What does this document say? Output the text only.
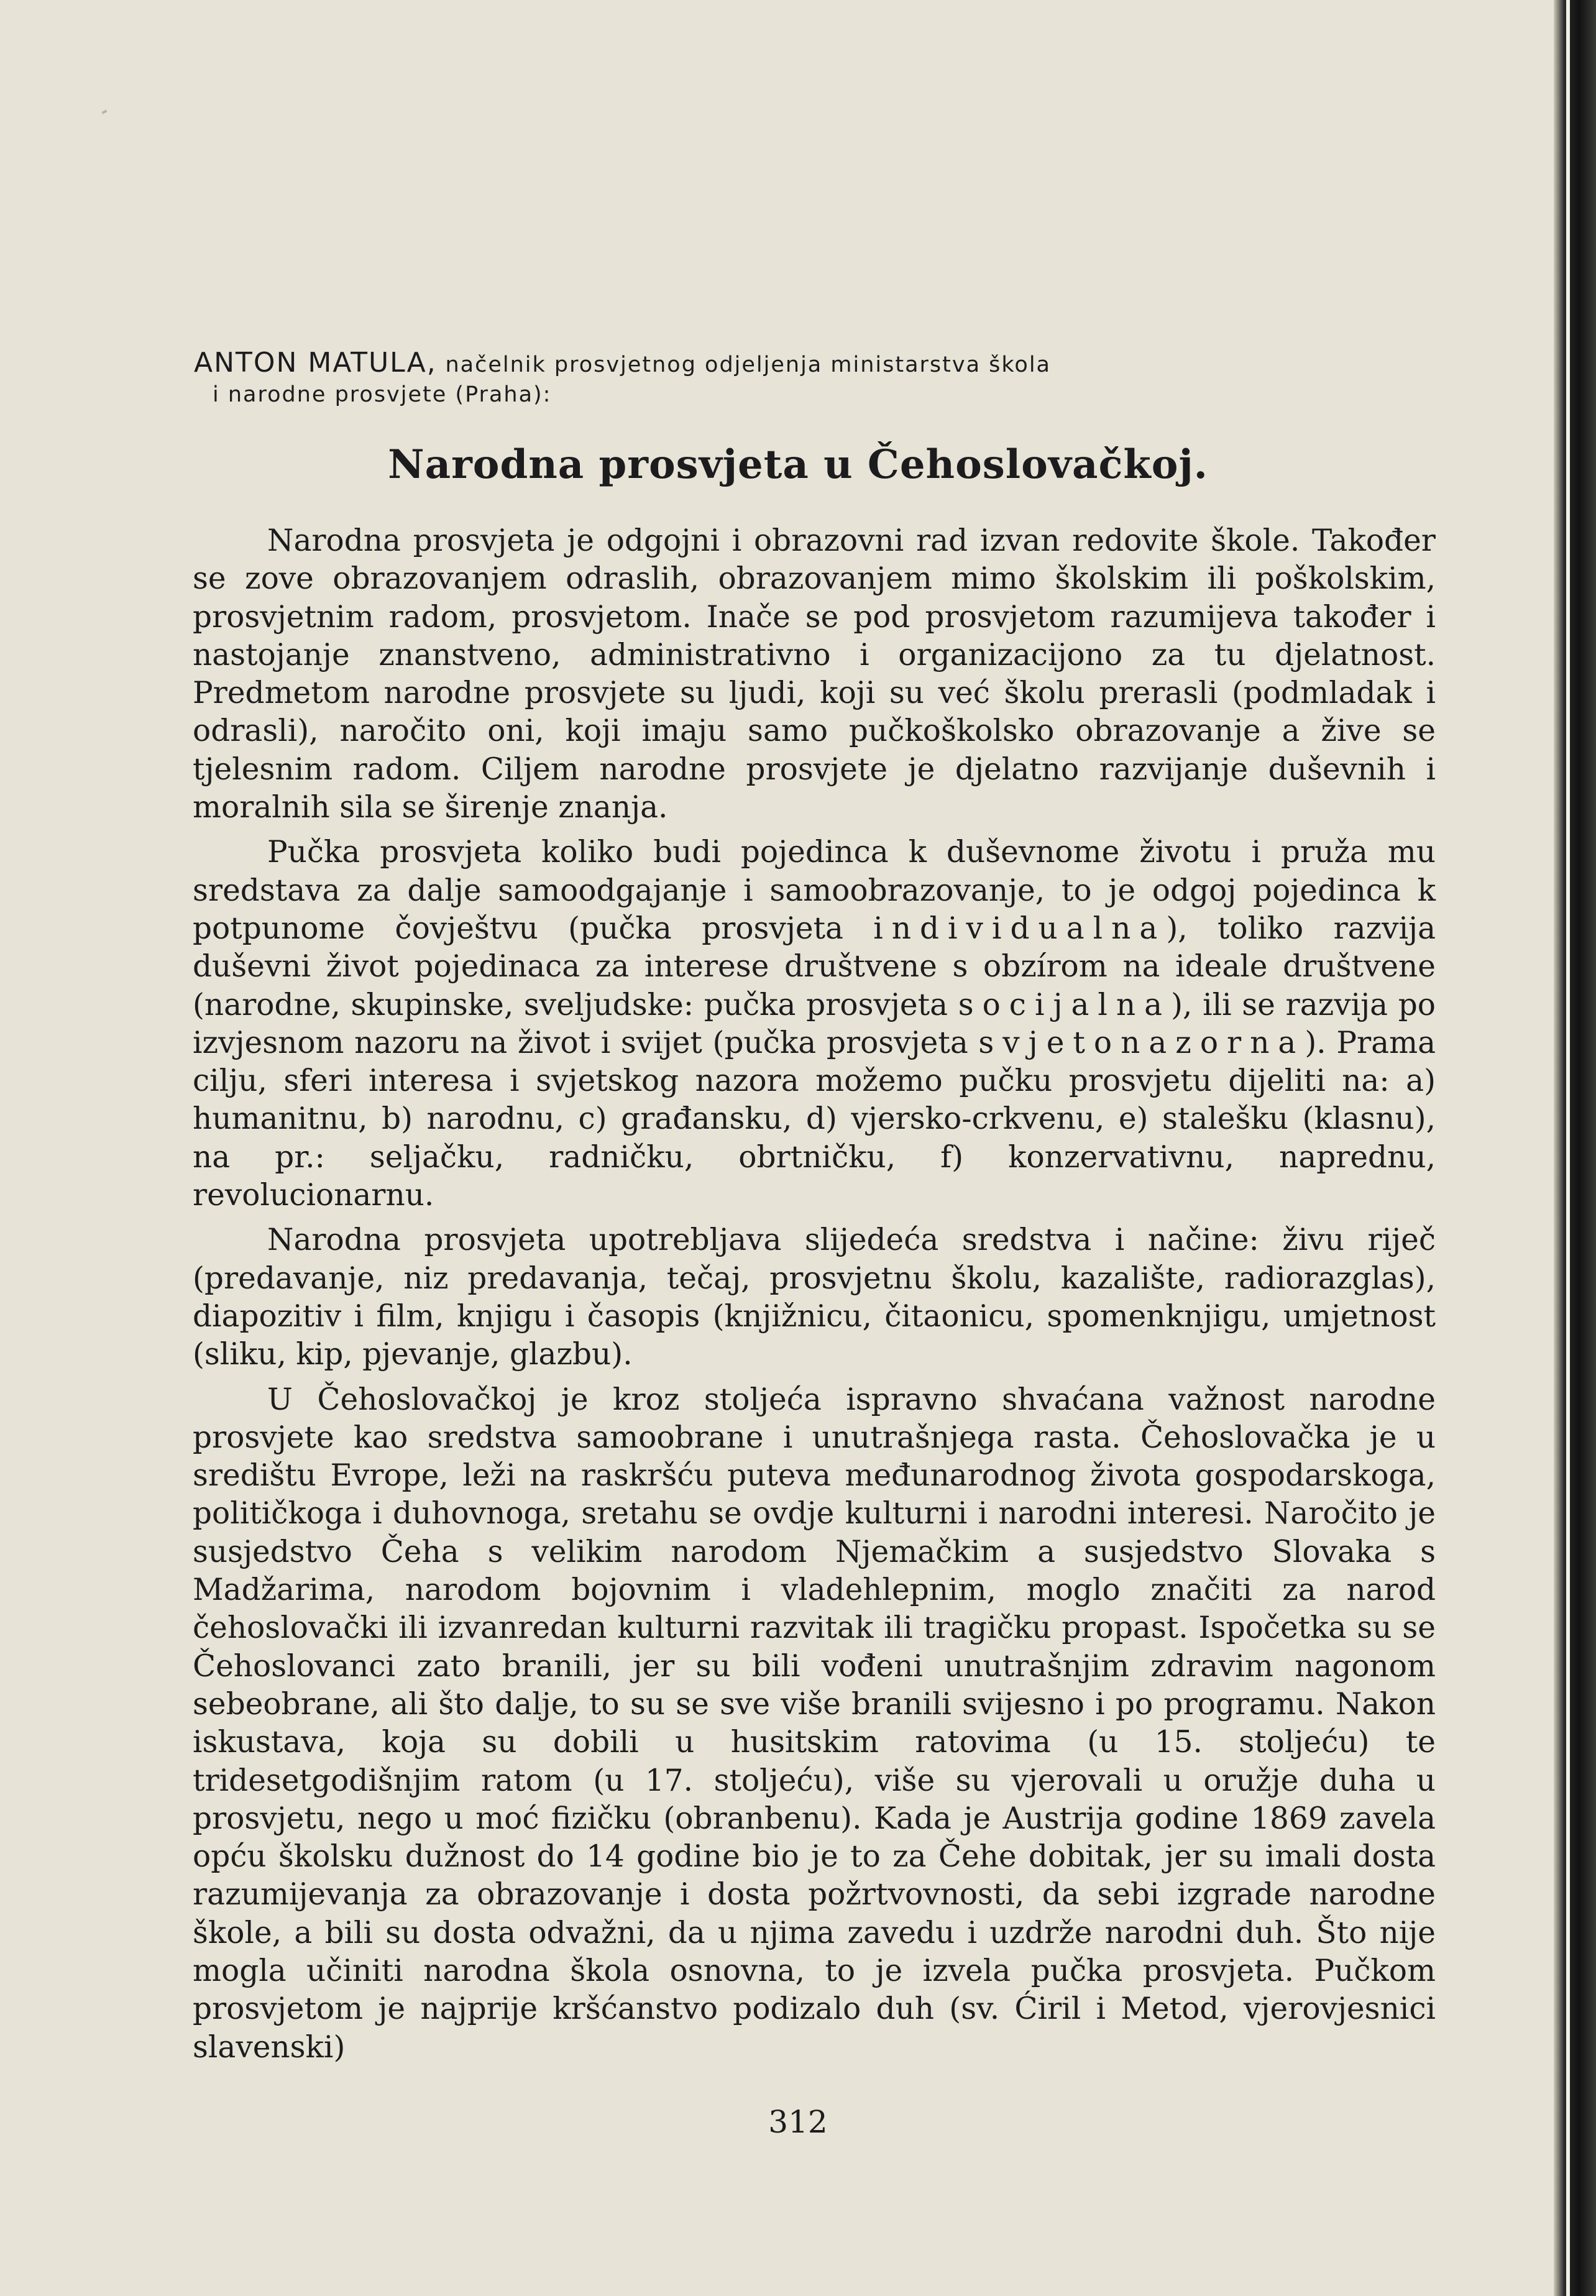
ANTON MATULA, načelnik prosvjetnog odjeljenja ministarstva škola
i narodne prosvjete (Praha):
Narodna prosvjeta u Čehoslovačkoj.

Narodna prosvjeta je odgojni i obrazovni rad izvan redovite škole. Također se zove obrazovanjem odraslih, obrazovanjem mimo školskim ili poškolskim, prosvjetnim radom, prosvjetom. Inače se pod prosvjetom razumijeva također i nastojanje znanstveno, administrativno i organizacijono za tu djelatnost. Predmetom narodne prosvjete su ljudi, koji su već školu prerasli (podmladak i odrasli), naročito oni, koji imaju samo pučkoškolsko obrazovanje a žive se tjelesnim radom. Ciljem narodne prosvjete je djelatno razvijanje duševnih i moralnih sila se širenje znanja.

Pučka prosvjeta koliko budi pojedinca k duševnome životu i pruža mu sredstava za dalje samoodgajanje i samoobrazovanje, to je odgoj pojedinca k potpunome čovještvu (pučka prosvjeta individualna), toliko razvija duševni život pojedinaca za interese društvene s obzírom na ideale društvene (narodne, skupinske, sveljudske: pučka prosvjeta socijalna), ili se razvija po izvjesnom nazoru na život i svijet (pučka prosvjeta svjetonazorna). Prama cilju, sferi interesa i svjetskog nazora možemo pučku prosvjetu dijeliti na: a) humanitnu, b) narodnu, c) građansku, d) vjersko-crkvenu, e) stalešku (klasnu), na pr.: seljačku, radničku, obrtničku, f) konzervativnu, naprednu, revolucionarnu.

Narodna prosvjeta upotrebljava slijedeća sredstva i načine: živu riječ (predavanje, niz predavanja, tečaj, prosvjetnu školu, kazalište, radiorazglas), diapozitiv i film, knjigu i časopis (knjižnicu, čitaonicu, spomenknjigu, umjetnost (sliku, kip, pjevanje, glazbu).

U Čehoslovačkoj je kroz stoljeća ispravno shvaćana važnost narodne prosvjete kao sredstva samoobrane i unutrašnjega rasta. Čehoslovačka je u središtu Evrope, leži na raskršću puteva međunarodnog života gospodarskoga, političkoga i duhovnoga, sretahu se ovdje kulturni i narodni interesi. Naročito je susjedstvo Čeha s velikim narodom Njemačkim a susjedstvo Slovaka s Madžarima, narodom bojovnim i vladehlepnim, moglo značiti za narod čehoslovački ili izvanredan kulturni razvitak ili tragičku propast. Ispočetka su se Čehoslovanci zato branili, jer su bili vođeni unutrašnjim zdravim nagonom sebeobrane, ali što dalje, to su se sve više branili svijesno i po programu. Nakon iskustava, koja su dobili u husitskim ratovima (u 15. stoljeću) te tridesetgodišnjim ratom (u 17. stoljeću), više su vjerovali u oružje duha u prosvjetu, nego u moć fizičku (obranbenu). Kada je Austrija godine 1869 zavela opću školsku dužnost do 14 godine bio je to za Čehe dobitak, jer su imali dosta razumijevanja za obrazovanje i dosta požrtvovnosti, da sebi izgrade narodne škole, a bili su dosta odvažni, da u njima zavedu i uzdrže narodni duh. Što nije mogla učiniti narodna škola osnovna, to je izvela pučka prosvjeta. Pučkom prosvjetom je najprije kršćanstvo podizalo duh (sv. Ćiril i Metod, vjerovjesnici slavenski)

312
